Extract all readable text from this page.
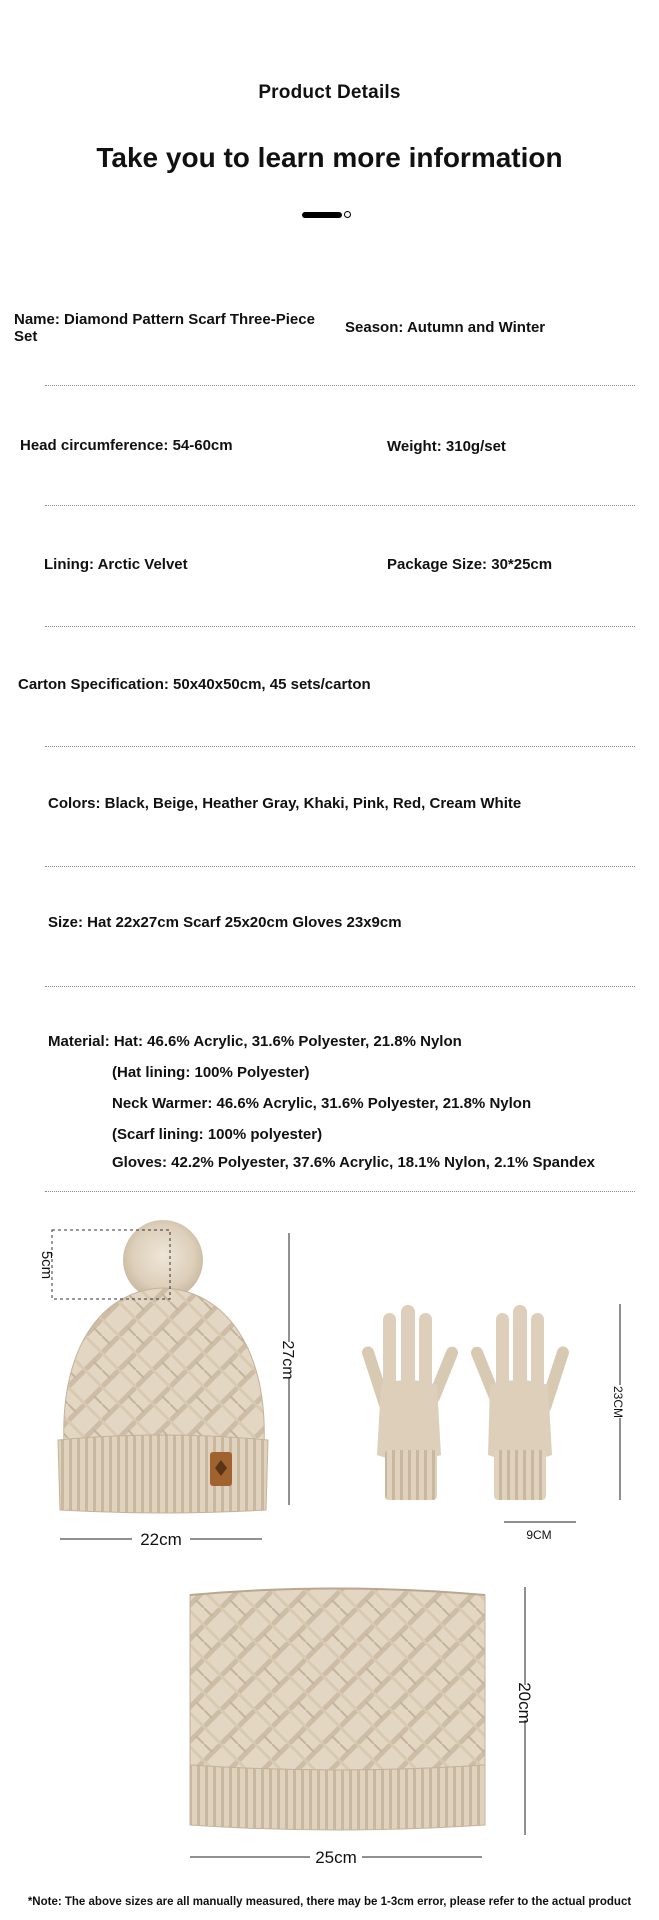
Product Details
Take you to learn more information
Name: Diamond Pattern Scarf Three-Piece
Set
Season: Autumn and Winter
Head circumference: 54-60cm	Weight: 310g/set
Lining: Arctic Velvet	Package Size: 30*25cm
Carton Specification: 50x40x50cm, 45 sets/carton
Colors: Black, Beige, Heather Gray, Khaki, Pink, Red, Cream White
Size: Hat 22x27cm Scarf 25x20cm Gloves 23x9cm
Material: Hat: 46.6% Acrylic, 31.6% Polyester, 21.8% Nylon
(Hat lining: 100% Polyester)
Neck Warmer: 46.6% Acrylic, 31.6% Polyester, 21.8% Nylon
(Scarf lining: 100% polyester)
Gloves: 42.2% Polyester, 37.6% Acrylic, 18.1% Nylon, 2.1% Spandex
5cm
27cm
22cm
23CM
9CM
20cm
25cm
*Note: The above sizes are all manually measured, there may be 1-3cm error, please refer to the actual product
